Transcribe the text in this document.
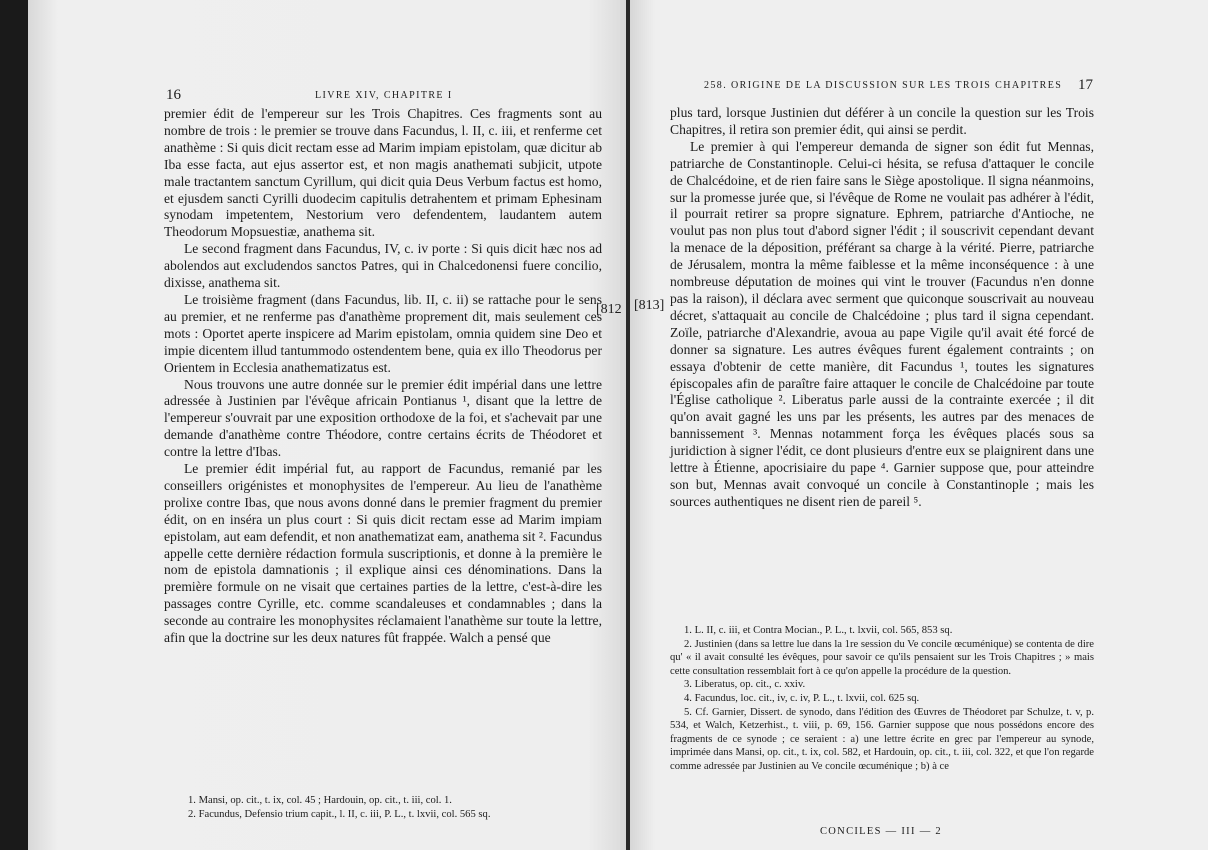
16	LIVRE XIV, CHAPITRE I

premier édit de l'empereur sur les Trois Chapitres. Ces fragments sont au nombre de trois : le premier se trouve dans Facundus, l. II, c. iii, et renferme cet anathème : Si quis dicit rectam esse ad Marim impiam epistolam, quæ dicitur ab Iba esse facta, aut ejus assertor est, et non magis anathemati subjicit, utpote male tractantem sanctum Cyrillum, qui dicit quia Deus Verbum factus est homo, et ejusdem sancti Cyrilli duodecim capitulis detrahentem et primam Ephesinam synodam impetentem, Nestorium vero defendentem, laudantem autem Theodorum Mopsuestiæ, anathema sit.

Le second fragment dans Facundus, IV, c. iv porte : Si quis dicit hæc nos ad abolendos aut excludendos sanctos Patres, qui in Chalcedonensi fuere concilio, dixisse, anathema sit.

Le troisième fragment (dans Facundus, lib. II, c. ii) se rattache pour le sens au premier, et ne renferme pas d'anathème proprement dit, mais seulement ces mots : Oportet aperte inspicere ad Marim epistolam, omnia quidem sine Deo et impie dicentem illud tantummodo ostendentem bene, quia ex illo Theodorus per Orientem in Ecclesia anathematizatus est.

Nous trouvons une autre donnée sur le premier édit impérial dans une lettre adressée à Justinien par l'évêque africain Pontianus ¹, disant que la lettre de l'empereur s'ouvrait par une exposition orthodoxe de la foi, et s'achevait par une demande d'anathème contre Théodore, contre certains écrits de Théodoret et contre la lettre d'Ibas.

Le premier édit impérial fut, au rapport de Facundus, remanié par les conseillers origénistes et monophysites de l'empereur. Au lieu de l'anathème prolixe contre Ibas, que nous avons donné dans le premier fragment du premier édit, on en inséra un plus court : Si quis dicit rectam esse ad Marim impiam epistolam, aut eam defendit, et non anathematizat eam, anathema sit ². Facundus appelle cette dernière rédaction formula suscriptionis, et donne à la première le nom de epistola damnationis ; il explique ainsi ces dénominations. Dans la première formule on ne visait que certaines parties de la lettre, c'est-à-dire les passages contre Cyrille, etc. comme scandaleuses et condamnables ; dans la seconde au contraire les monophysites réclamaient l'anathème sur toute la lettre, afin que la doctrine sur les deux natures fût frappée. Walch a pensé que

1. Mansi, op. cit., t. ix, col. 45 ; Hardouin, op. cit., t. iii, col. 1.

2. Facundus, Defensio trium capit., l. II, c. iii, P. L., t. lxvii, col. 565 sq.

[812
258. ORIGINE DE LA DISCUSSION SUR LES TROIS CHAPITRES 17
[813]

plus tard, lorsque Justinien dut déférer à un concile la question sur les Trois Chapitres, il retira son premier édit, qui ainsi se perdit.

Le premier à qui l'empereur demanda de signer son édit fut Mennas, patriarche de Constantinople. Celui-ci hésita, se refusa d'attaquer le concile de Chalcédoine, et de rien faire sans le Siège apostolique. Il signa néanmoins, sur la promesse jurée que, si l'évêque de Rome ne voulait pas adhérer à l'édit, il pourrait retirer sa propre signature. Ephrem, patriarche d'Antioche, ne voulut pas non plus tout d'abord signer l'édit ; il souscrivit cependant devant la menace de la déposition, préférant sa charge à la vérité. Pierre, patriarche de Jérusalem, montra la même faiblesse et la même inconséquence : à une nombreuse députation de moines qui vint le trouver (Facundus n'en donne pas la raison), il déclara avec serment que quiconque souscrivait au nouveau décret, s'attaquait au concile de Chalcédoine ; plus tard il signa cependant. Zoïle, patriarche d'Alexandrie, avoua au pape Vigile qu'il avait été forcé de donner sa signature. Les autres évêques furent également contraints ; on essaya d'obtenir de cette manière, dit Facundus ¹, toutes les signatures épiscopales afin de paraître faire attaquer le concile de Chalcédoine par toute l'Église catholique ². Liberatus parle aussi de la contrainte exercée ; il dit qu'on avait gagné les uns par les présents, les autres par des menaces de bannissement ³. Mennas notamment força les évêques placés sous sa juridiction à signer l'édit, ce dont plusieurs d'entre eux se plaignirent dans une lettre à Étienne, apocrisiaire du pape ⁴. Garnier suppose que, pour atteindre son but, Mennas avait convoqué un concile à Constantinople ; mais les sources authentiques ne disent rien de pareil ⁵.

1. L. II, c. iii, et Contra Mocian., P. L., t. lxvii, col. 565, 853 sq.

2. Justinien (dans sa lettre lue dans la 1re session du Ve concile œcuménique) se contenta de dire qu' « il avait consulté les évêques, pour savoir ce qu'ils pensaient sur les Trois Chapitres ; » mais cette consultation ressemblait fort à ce qu'on appelle la procédure de la question.

3. Liberatus, op. cit., c. xxiv.

4. Facundus, loc. cit., iv, c. iv, P. L., t. lxvii, col. 625 sq.

5. Cf. Garnier, Dissert. de synodo, dans l'édition des Œuvres de Théodoret par Schulze, t. v, p. 534, et Walch, Ketzerhist., t. viii, p. 69, 156. Garnier suppose que nous possédons encore des fragments de ce synode ; ce seraient : a) une lettre écrite en grec par l'empereur au synode, imprimée dans Mansi, op. cit., t. ix, col. 582, et Hardouin, op. cit., t. iii, col. 322, et que l'on regarde comme adressée par Justinien au Ve concile œcuménique ; b) à ce

CONCILES — III — 2
